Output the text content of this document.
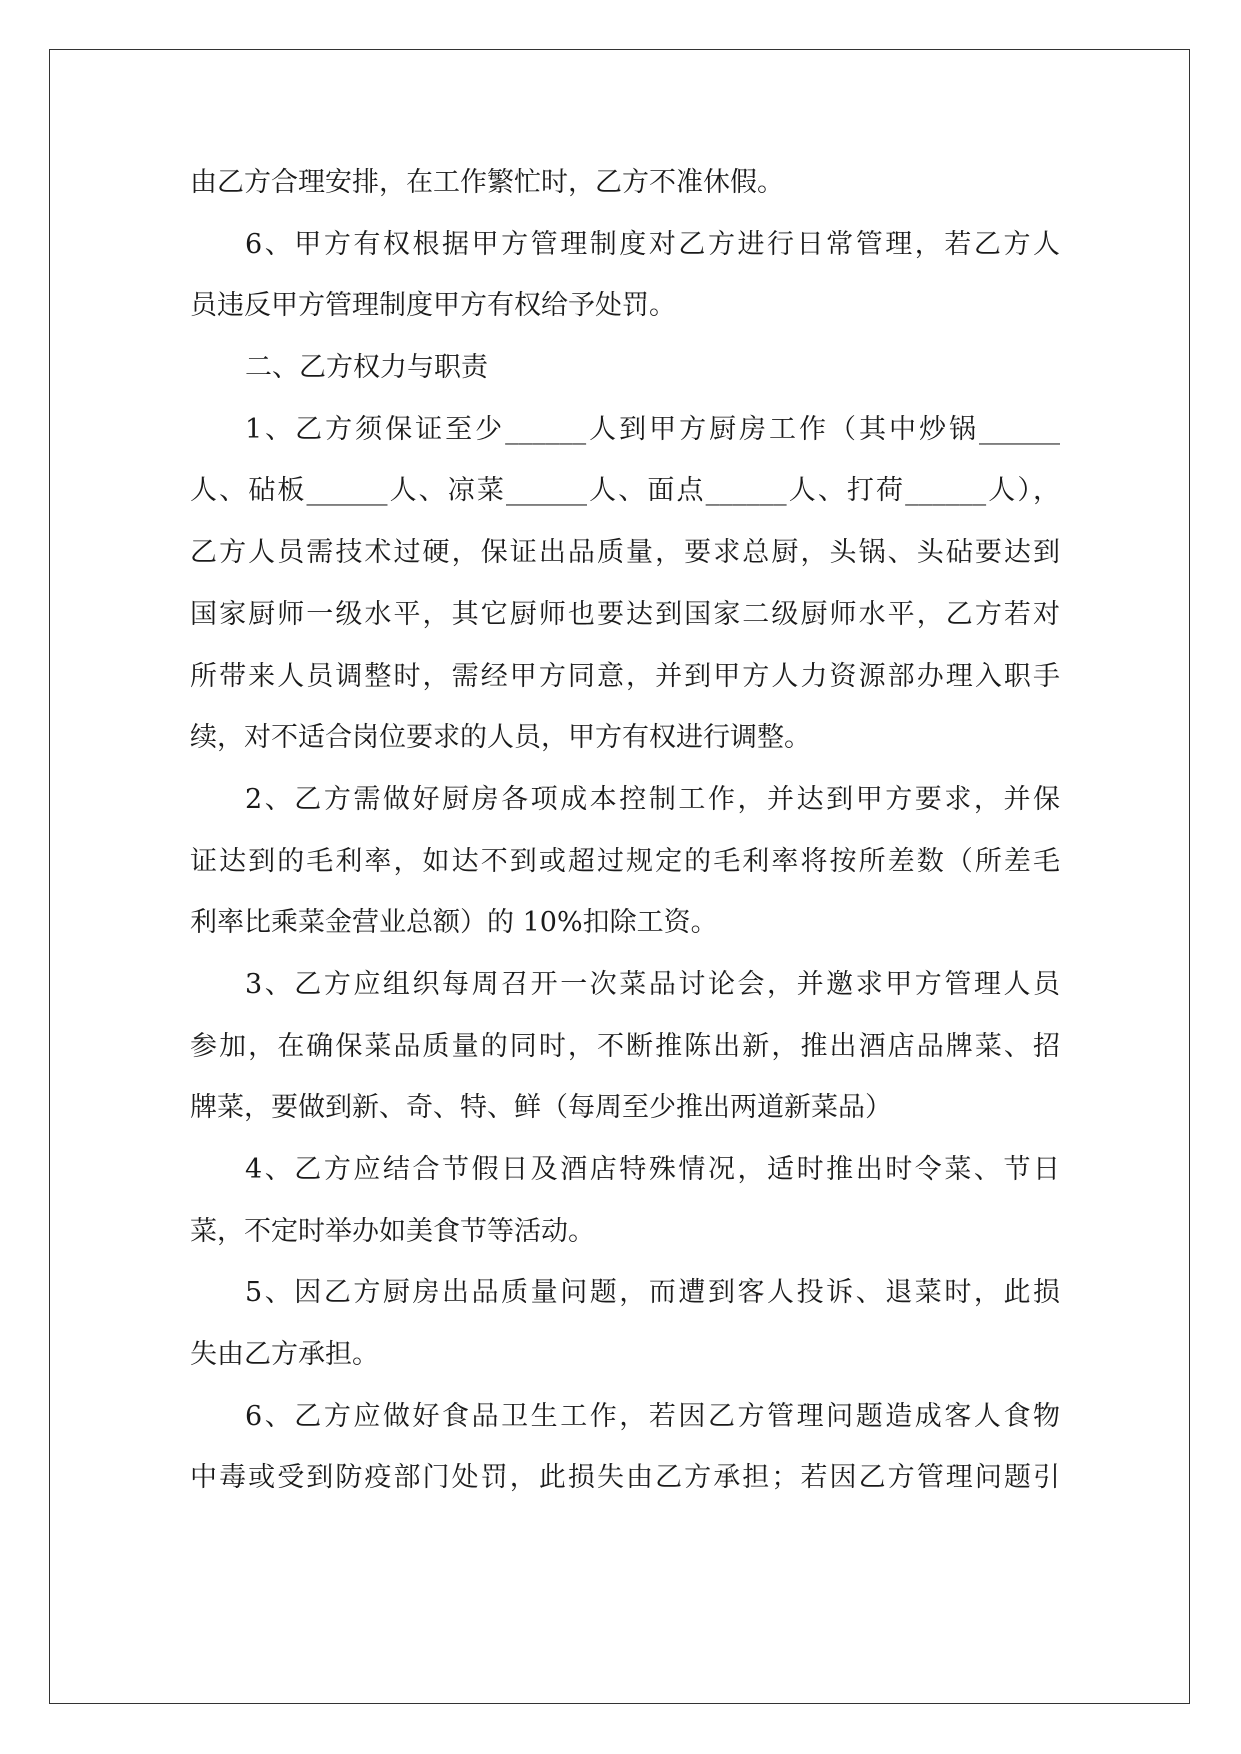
由乙方合理安排，在工作繁忙时，乙方不准休假。
6、甲方有权根据甲方管理制度对乙方进行日常管理，若乙方人
员违反甲方管理制度甲方有权给予处罚。
二、乙方权力与职责
1、乙方须保证至少______人到甲方厨房工作（其中炒锅______
人、砧板______人、凉菜______人、面点______人、打荷______人），
乙方人员需技术过硬，保证出品质量，要求总厨，头锅、头砧要达到
国家厨师一级水平，其它厨师也要达到国家二级厨师水平，乙方若对
所带来人员调整时，需经甲方同意，并到甲方人力资源部办理入职手
续，对不适合岗位要求的人员，甲方有权进行调整。
2、乙方需做好厨房各项成本控制工作，并达到甲方要求，并保
证达到的毛利率，如达不到或超过规定的毛利率将按所差数（所差毛
利率比乘菜金营业总额）的 10%扣除工资。
3、乙方应组织每周召开一次菜品讨论会，并邀求甲方管理人员
参加，在确保菜品质量的同时，不断推陈出新，推出酒店品牌菜、招
牌菜，要做到新、奇、特、鲜（每周至少推出两道新菜品）
4、乙方应结合节假日及酒店特殊情况，适时推出时令菜、节日
菜，不定时举办如美食节等活动。
5、因乙方厨房出品质量问题，而遭到客人投诉、退菜时，此损
失由乙方承担。
6、乙方应做好食品卫生工作，若因乙方管理问题造成客人食物
中毒或受到防疫部门处罚，此损失由乙方承担；若因乙方管理问题引
